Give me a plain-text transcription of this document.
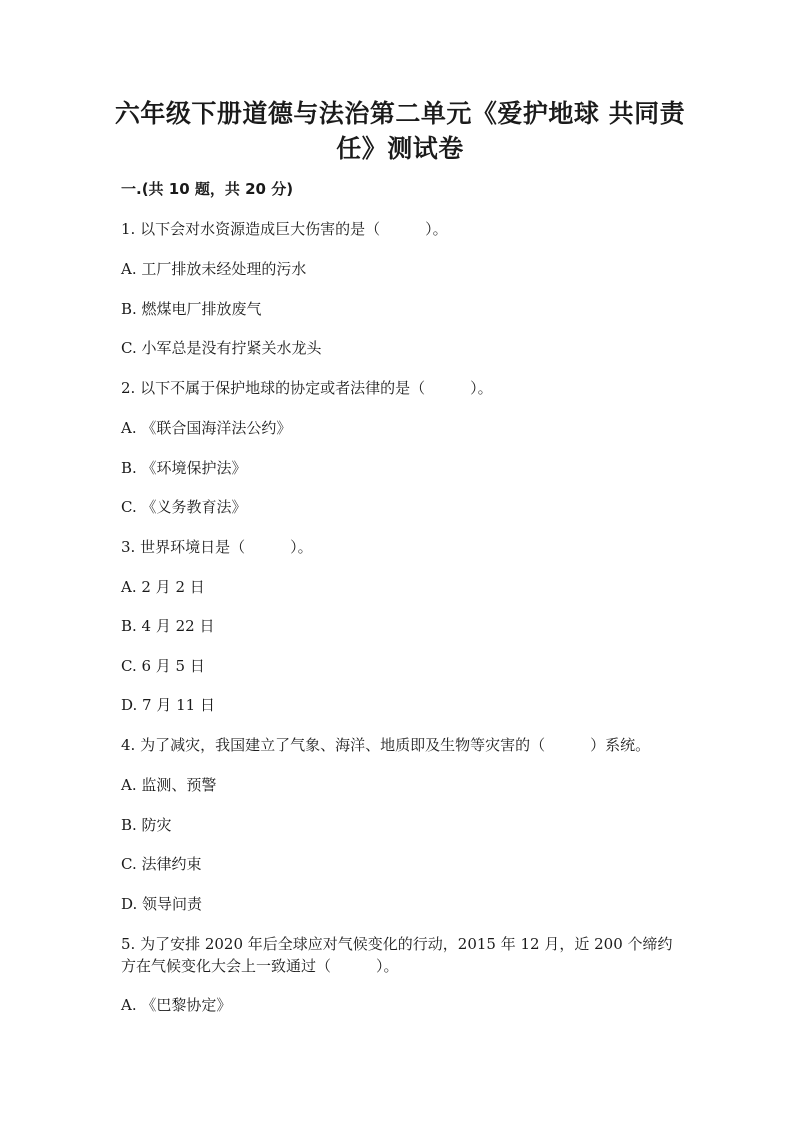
六年级下册道德与法治第二单元《爱护地球 共同责任》测试卷

一.(共 10 题，共 20 分)

1. 以下会对水资源造成巨大伤害的是（　　　）。

A. 工厂排放未经处理的污水

B. 燃煤电厂排放废气

C. 小军总是没有拧紧关水龙头

2. 以下不属于保护地球的协定或者法律的是（　　　）。

A. 《联合国海洋法公约》

B. 《环境保护法》

C. 《义务教育法》

3. 世界环境日是（　　　）。

A. 2 月 2 日

B. 4 月 22 日

C. 6 月 5 日

D. 7 月 11 日

4. 为了减灾，我国建立了气象、海洋、地质即及生物等灾害的（　　　）系统。

A. 监测、预警

B. 防灾

C. 法律约束

D. 领导问责

5. 为了安排 2020 年后全球应对气候变化的行动，2015 年 12 月，近 200 个缔约方在气候变化大会上一致通过（　　　）。

A. 《巴黎协定》
